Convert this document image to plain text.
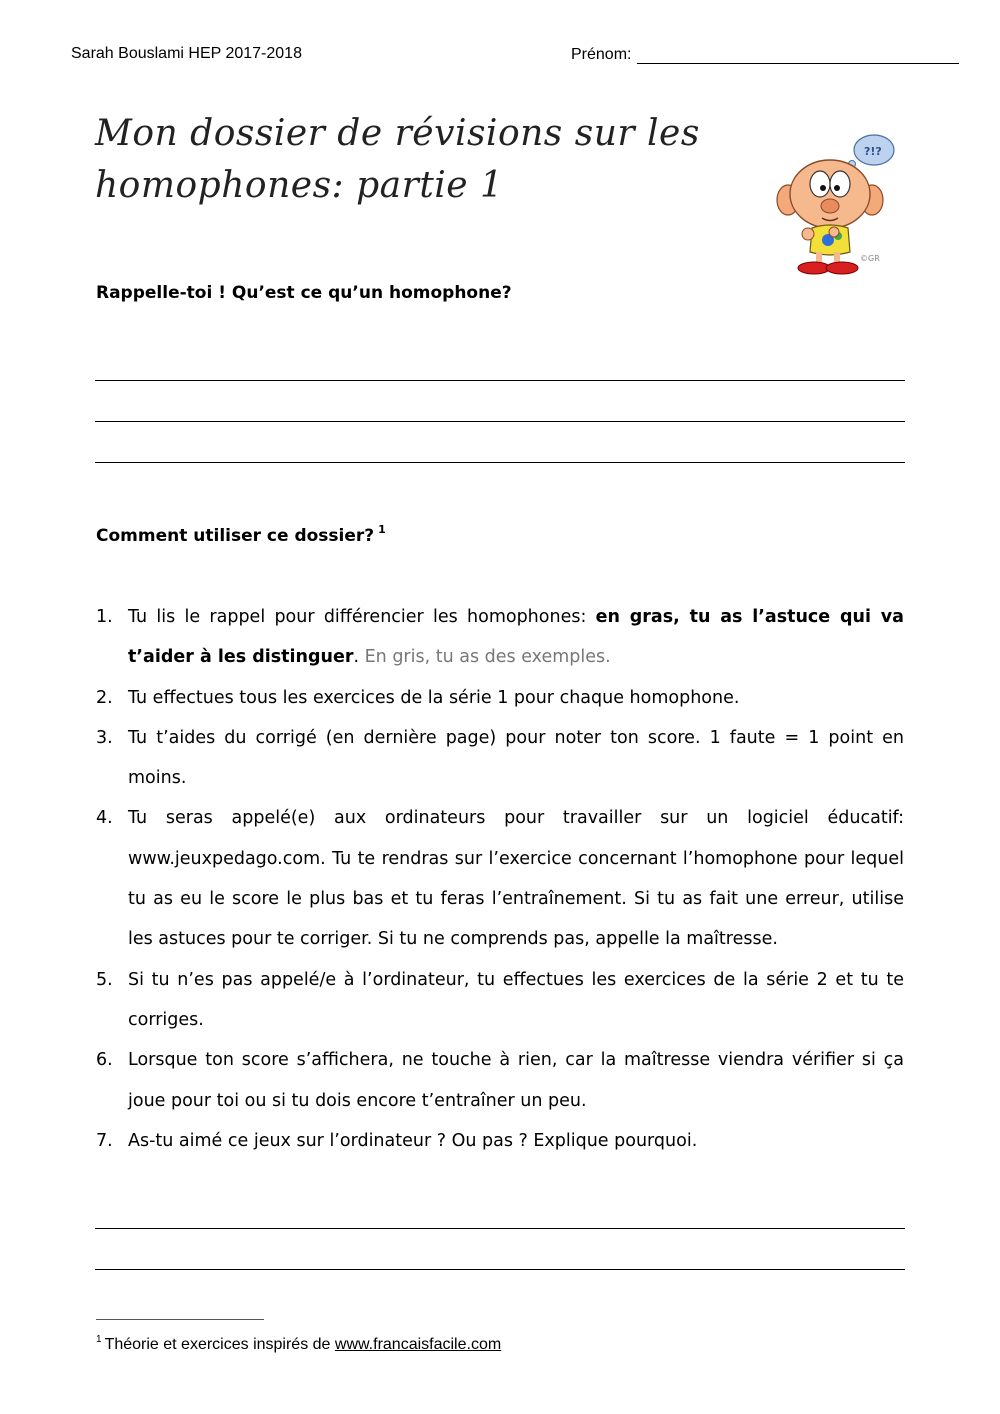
Sarah Bouslami HEP 2017-2018	Prénom:
Mon dossier de révisions sur les
homophones: partie 1
?!?
©GR
Rappelle-toi ! Qu’est ce qu’un homophone?
Comment utiliser ce dossier? $^1$
1. Tu lis le rappel pour différencier les homophones: en gras, tu as l’astuce qui va t’aider à les distinguer. En gris, tu as des exemples.
2. Tu effectues tous les exercices de la série 1 pour chaque homophone.
3. Tu t’aides du corrigé (en dernière page) pour noter ton score. 1 faute = 1 point en moins.
4. Tu seras appelé(e) aux ordinateurs pour travailler sur un logiciel éducatif: www.jeuxpedago.com. Tu te rendras sur l’exercice concernant l’homophone pour lequel tu as eu le score le plus bas et tu feras l’entraînement. Si tu as fait une erreur, utilise les astuces pour te corriger. Si tu ne comprends pas, appelle la maîtresse.
5. Si tu n’es pas appelé/e à l’ordinateur, tu effectues les exercices de la série 2 et tu te corriges.
6. Lorsque ton score s’affichera, ne touche à rien, car la maîtresse viendra vérifier si ça joue pour toi ou si tu dois encore t’entraîner un peu.
7. As-tu aimé ce jeux sur l’ordinateur ? Ou pas ? Explique pourquoi.
$^1$ Théorie et exercices inspirés de www.francaisfacile.com
